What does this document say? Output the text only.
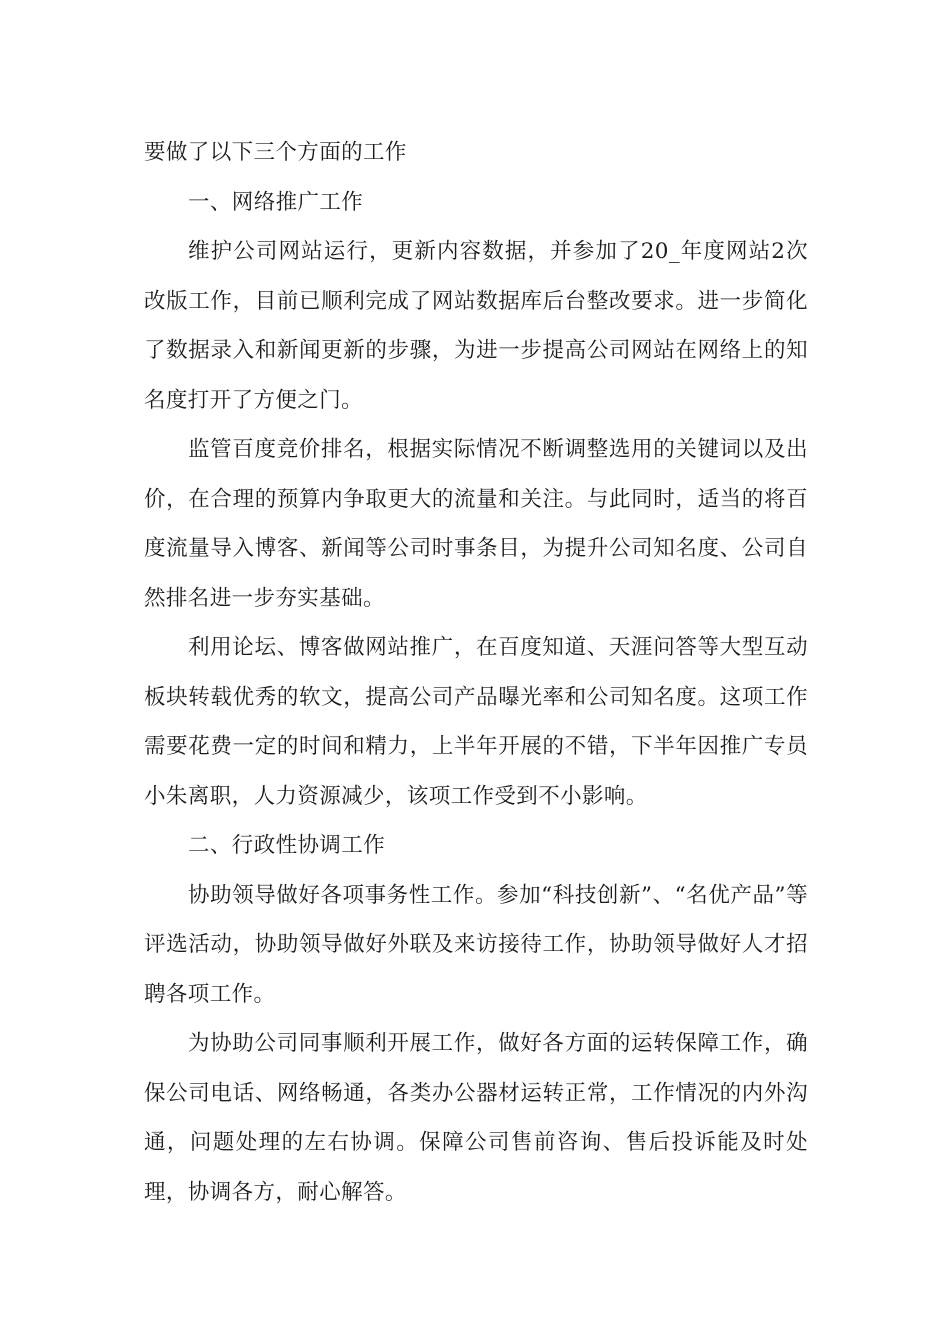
要做了以下三个方面的工作

一、网络推广工作

维护公司网站运行，更新内容数据，并参加了20_年度网站2次改版工作，目前已顺利完成了网站数据库后台整改要求。进一步简化了数据录入和新闻更新的步骤，为进一步提高公司网站在网络上的知名度打开了方便之门。

监管百度竞价排名，根据实际情况不断调整选用的关键词以及出价，在合理的预算内争取更大的流量和关注。与此同时，适当的将百度流量导入博客、新闻等公司时事条目，为提升公司知名度、公司自然排名进一步夯实基础。

利用论坛、博客做网站推广，在百度知道、天涯问答等大型互动板块转载优秀的软文，提高公司产品曝光率和公司知名度。这项工作需要花费一定的时间和精力，上半年开展的不错，下半年因推广专员小朱离职，人力资源减少，该项工作受到不小影响。

二、行政性协调工作

协助领导做好各项事务性工作。参加“科技创新”、“名优产品”等评选活动，协助领导做好外联及来访接待工作，协助领导做好人才招聘各项工作。

为协助公司同事顺利开展工作，做好各方面的运转保障工作，确保公司电话、网络畅通，各类办公器材运转正常，工作情况的内外沟通，问题处理的左右协调。保障公司售前咨询、售后投诉能及时处理，协调各方，耐心解答。
